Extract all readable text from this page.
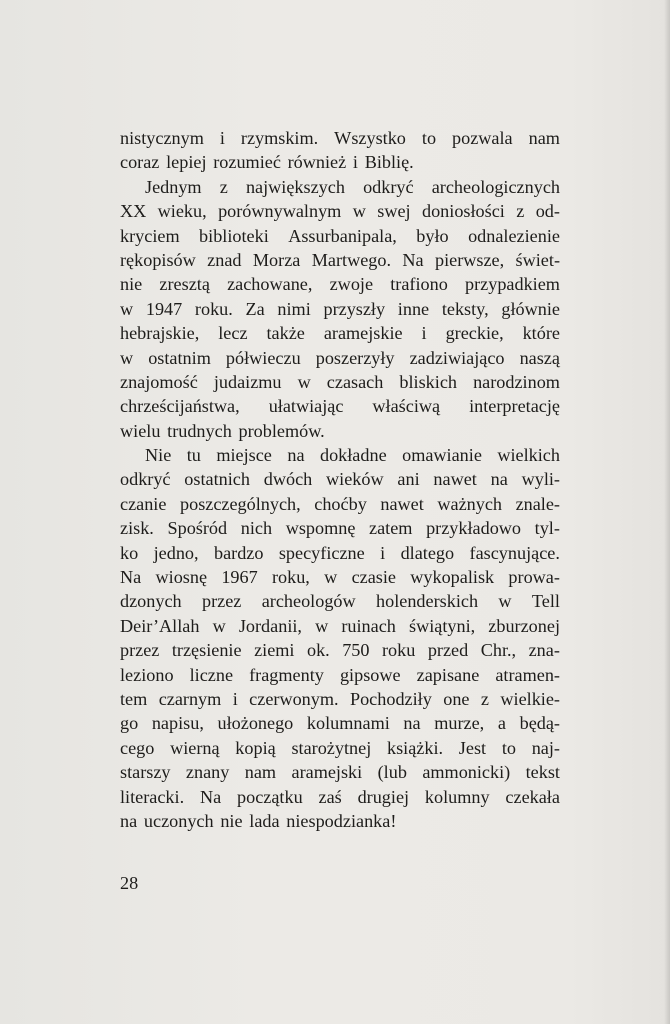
nistycznym i rzymskim. Wszystko to pozwala nam
coraz lepiej rozumieć również i Biblię.
Jednym z największych odkryć archeologicznych
XX wieku, porównywalnym w swej doniosłości z od-
kryciem biblioteki Assurbanipala, było odnalezienie
rękopisów znad Morza Martwego. Na pierwsze, świet-
nie zresztą zachowane, zwoje trafiono przypadkiem
w 1947 roku. Za nimi przyszły inne teksty, głównie
hebrajskie, lecz także aramejskie i greckie, które
w ostatnim półwieczu poszerzyły zadziwiająco naszą
znajomość judaizmu w czasach bliskich narodzinom
chrześcijaństwa, ułatwiając właściwą interpretację
wielu trudnych problemów.
Nie tu miejsce na dokładne omawianie wielkich
odkryć ostatnich dwóch wieków ani nawet na wyli-
czanie poszczególnych, choćby nawet ważnych znale-
zisk. Spośród nich wspomnę zatem przykładowo tyl-
ko jedno, bardzo specyficzne i dlatego fascynujące.
Na wiosnę 1967 roku, w czasie wykopalisk prowa-
dzonych przez archeologów holenderskich w Tell
Deir’Allah w Jordanii, w ruinach świątyni, zburzonej
przez trzęsienie ziemi ok. 750 roku przed Chr., zna-
leziono liczne fragmenty gipsowe zapisane atramen-
tem czarnym i czerwonym. Pochodziły one z wielkie-
go napisu, ułożonego kolumnami na murze, a będą-
cego wierną kopią starożytnej książki. Jest to naj-
starszy znany nam aramejski (lub ammonicki) tekst
literacki. Na początku zaś drugiej kolumny czekała
na uczonych nie lada niespodzianka!
28
